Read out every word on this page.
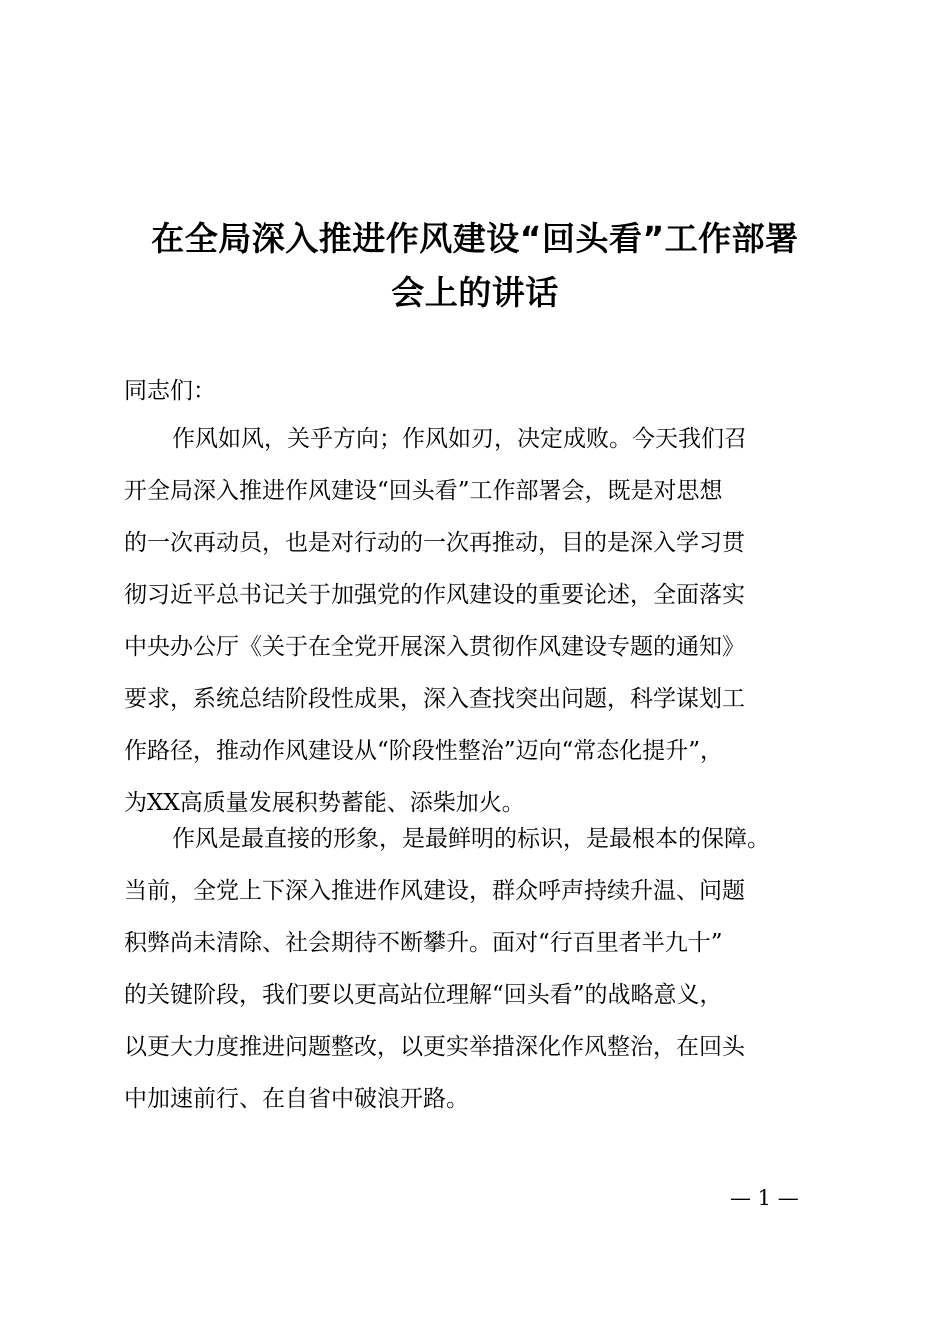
在全局深入推进作风建设“回头看”工作部署
会上的讲话
同志们：
作风如风，关乎方向；作风如刃，决定成败。今天我们召
开全局深入推进作风建设“回头看”工作部署会，既是对思想
的一次再动员，也是对行动的一次再推动，目的是深入学习贯
彻习近平总书记关于加强党的作风建设的重要论述，全面落实
中央办公厅《关于在全党开展深入贯彻作风建设专题的通知》
要求，系统总结阶段性成果，深入查找突出问题，科学谋划工
作路径，推动作风建设从“阶段性整治”迈向“常态化提升”，
为XX高质量发展积势蓄能、添柴加火。
作风是最直接的形象，是最鲜明的标识，是最根本的保障。
当前，全党上下深入推进作风建设，群众呼声持续升温、问题
积弊尚未清除、社会期待不断攀升。面对“行百里者半九十”
的关键阶段，我们要以更高站位理解“回头看”的战略意义，
以更大力度推进问题整改，以更实举措深化作风整治，在回头
中加速前行、在自省中破浪开路。
— 1 —
